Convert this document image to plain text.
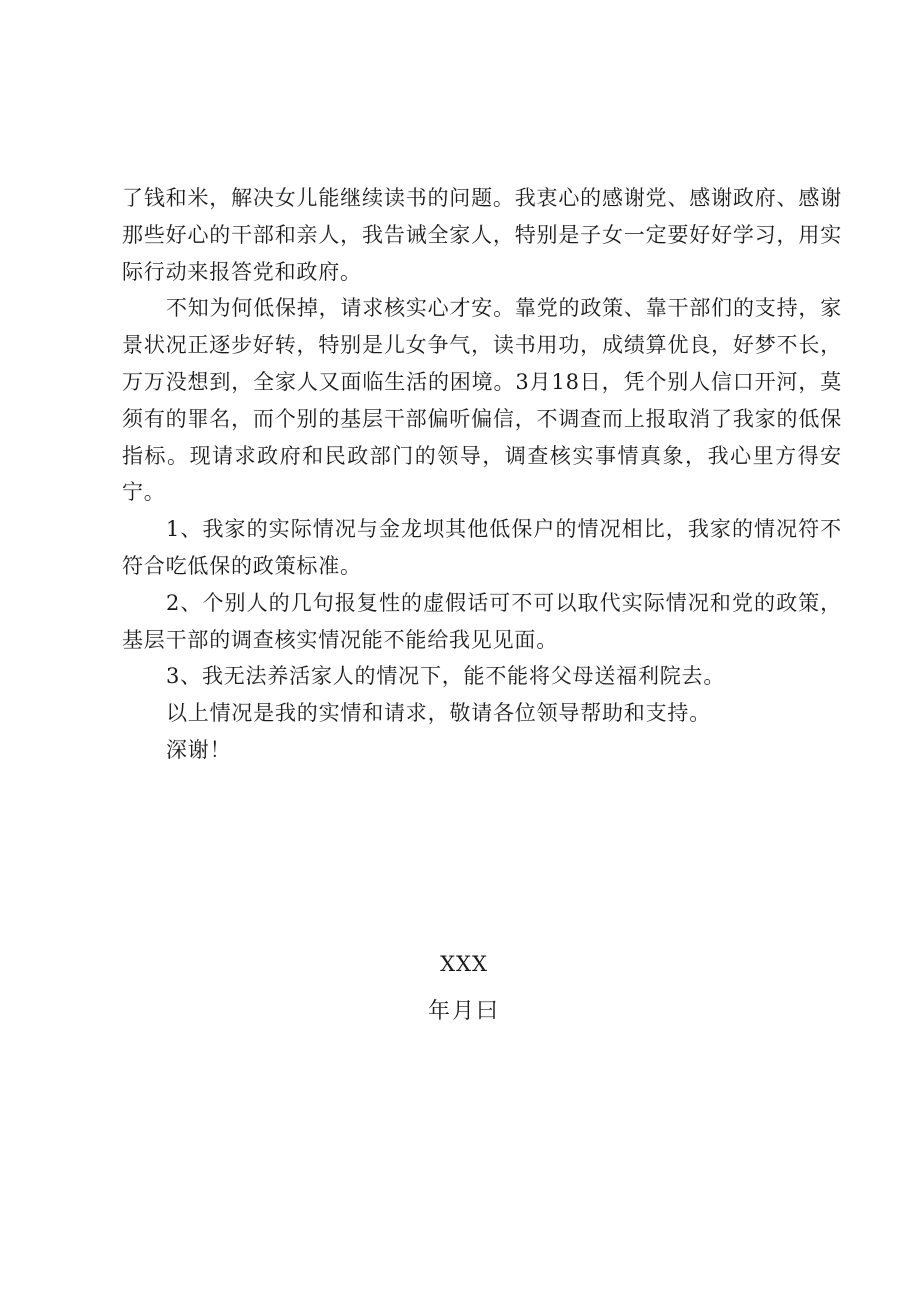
了钱和米，解决女儿能继续读书的问题。我衷心的感谢党、感谢政府、感谢那些好心的干部和亲人，我告诫全家人，特别是子女一定要好好学习，用实际行动来报答党和政府。

不知为何低保掉，请求核实心才安。靠党的政策、靠干部们的支持，家景状况正逐步好转，特别是儿女争气，读书用功，成绩算优良，好梦不长，万万没想到，全家人又面临生活的困境。3月18日，凭个别人信口开河，莫须有的罪名，而个别的基层干部偏听偏信，不调查而上报取消了我家的低保指标。现请求政府和民政部门的领导，调查核实事情真象，我心里方得安宁。

1、我家的实际情况与金龙坝其他低保户的情况相比，我家的情况符不符合吃低保的政策标准。

2、个别人的几句报复性的虚假话可不可以取代实际情况和党的政策，基层干部的调查核实情况能不能给我见见面。

3、我无法养活家人的情况下，能不能将父母送福利院去。

以上情况是我的实情和请求，敬请各位领导帮助和支持。

深谢！

XXX
年月曰
